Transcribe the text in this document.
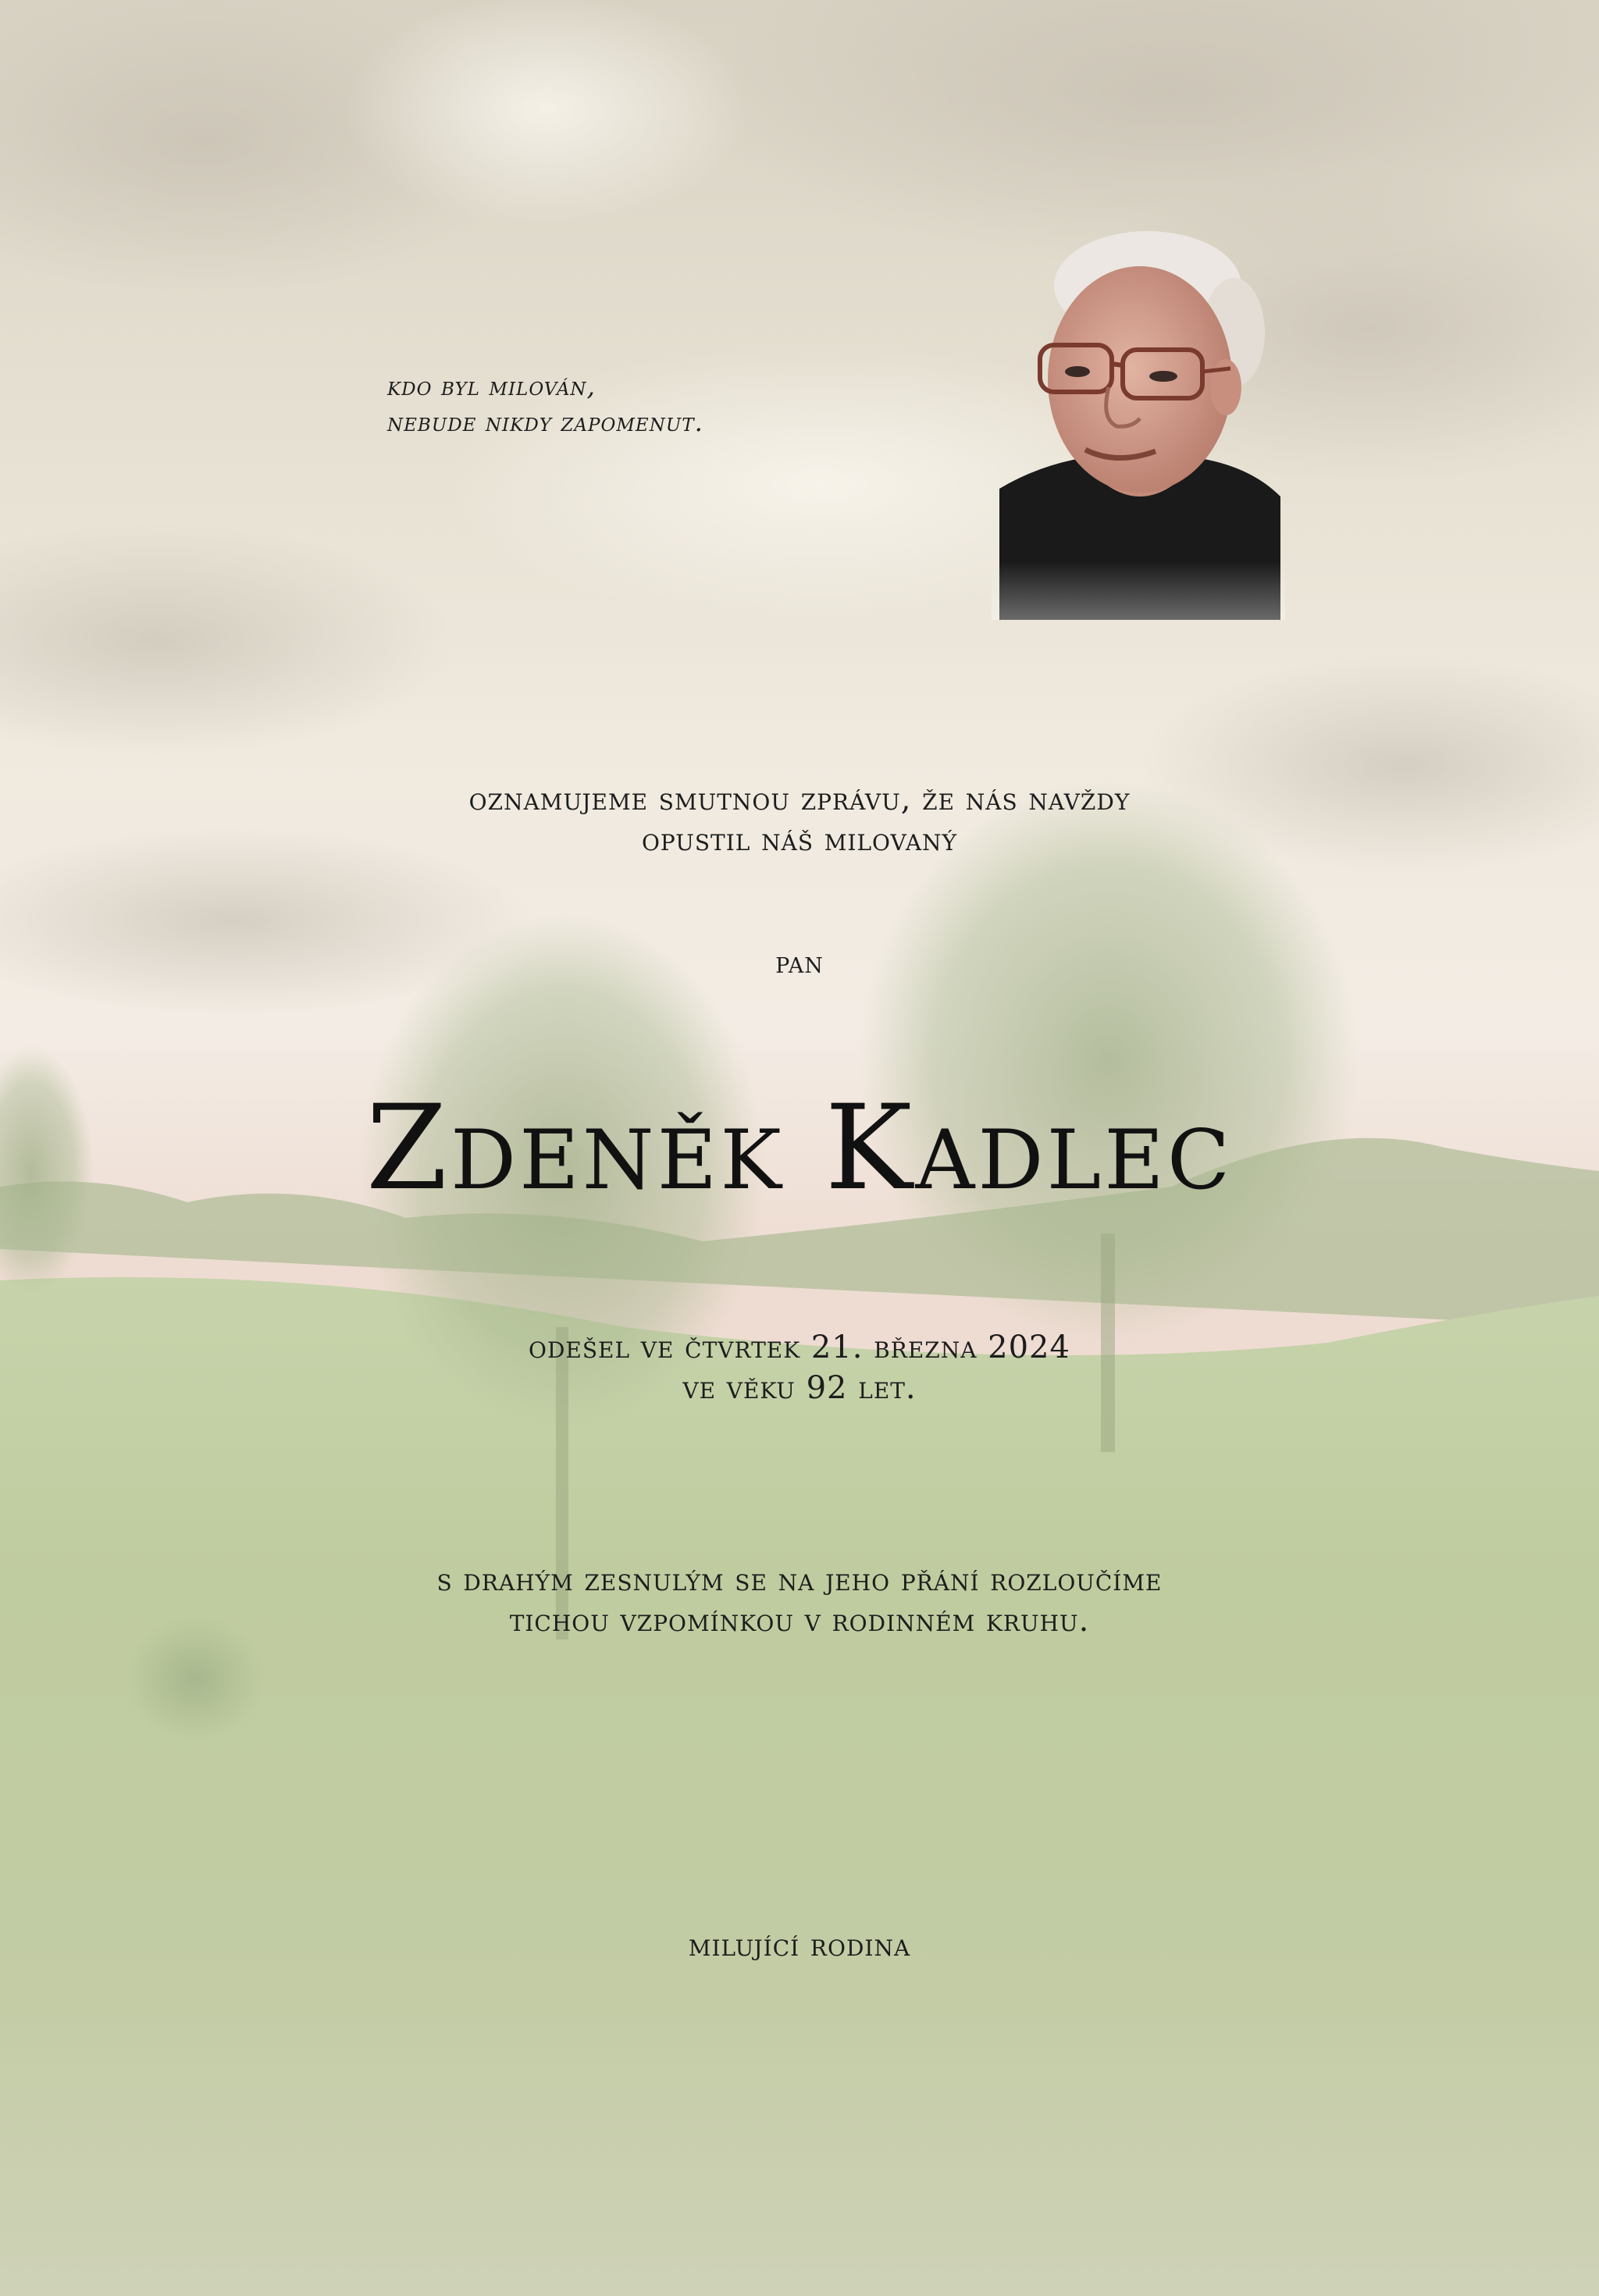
kdo byl milován,
nebude nikdy zapomenut.
oznamujeme smutnou zprávu, že nás navždy
opustil náš milovaný
pan
Zdeněk Kadlec
odešel ve čtvrtek 21. března 2024
ve věku 92 let.
s drahým zesnulým se na jeho přání rozloučíme
tichou vzpomínkou v rodinném kruhu.
milující rodina
